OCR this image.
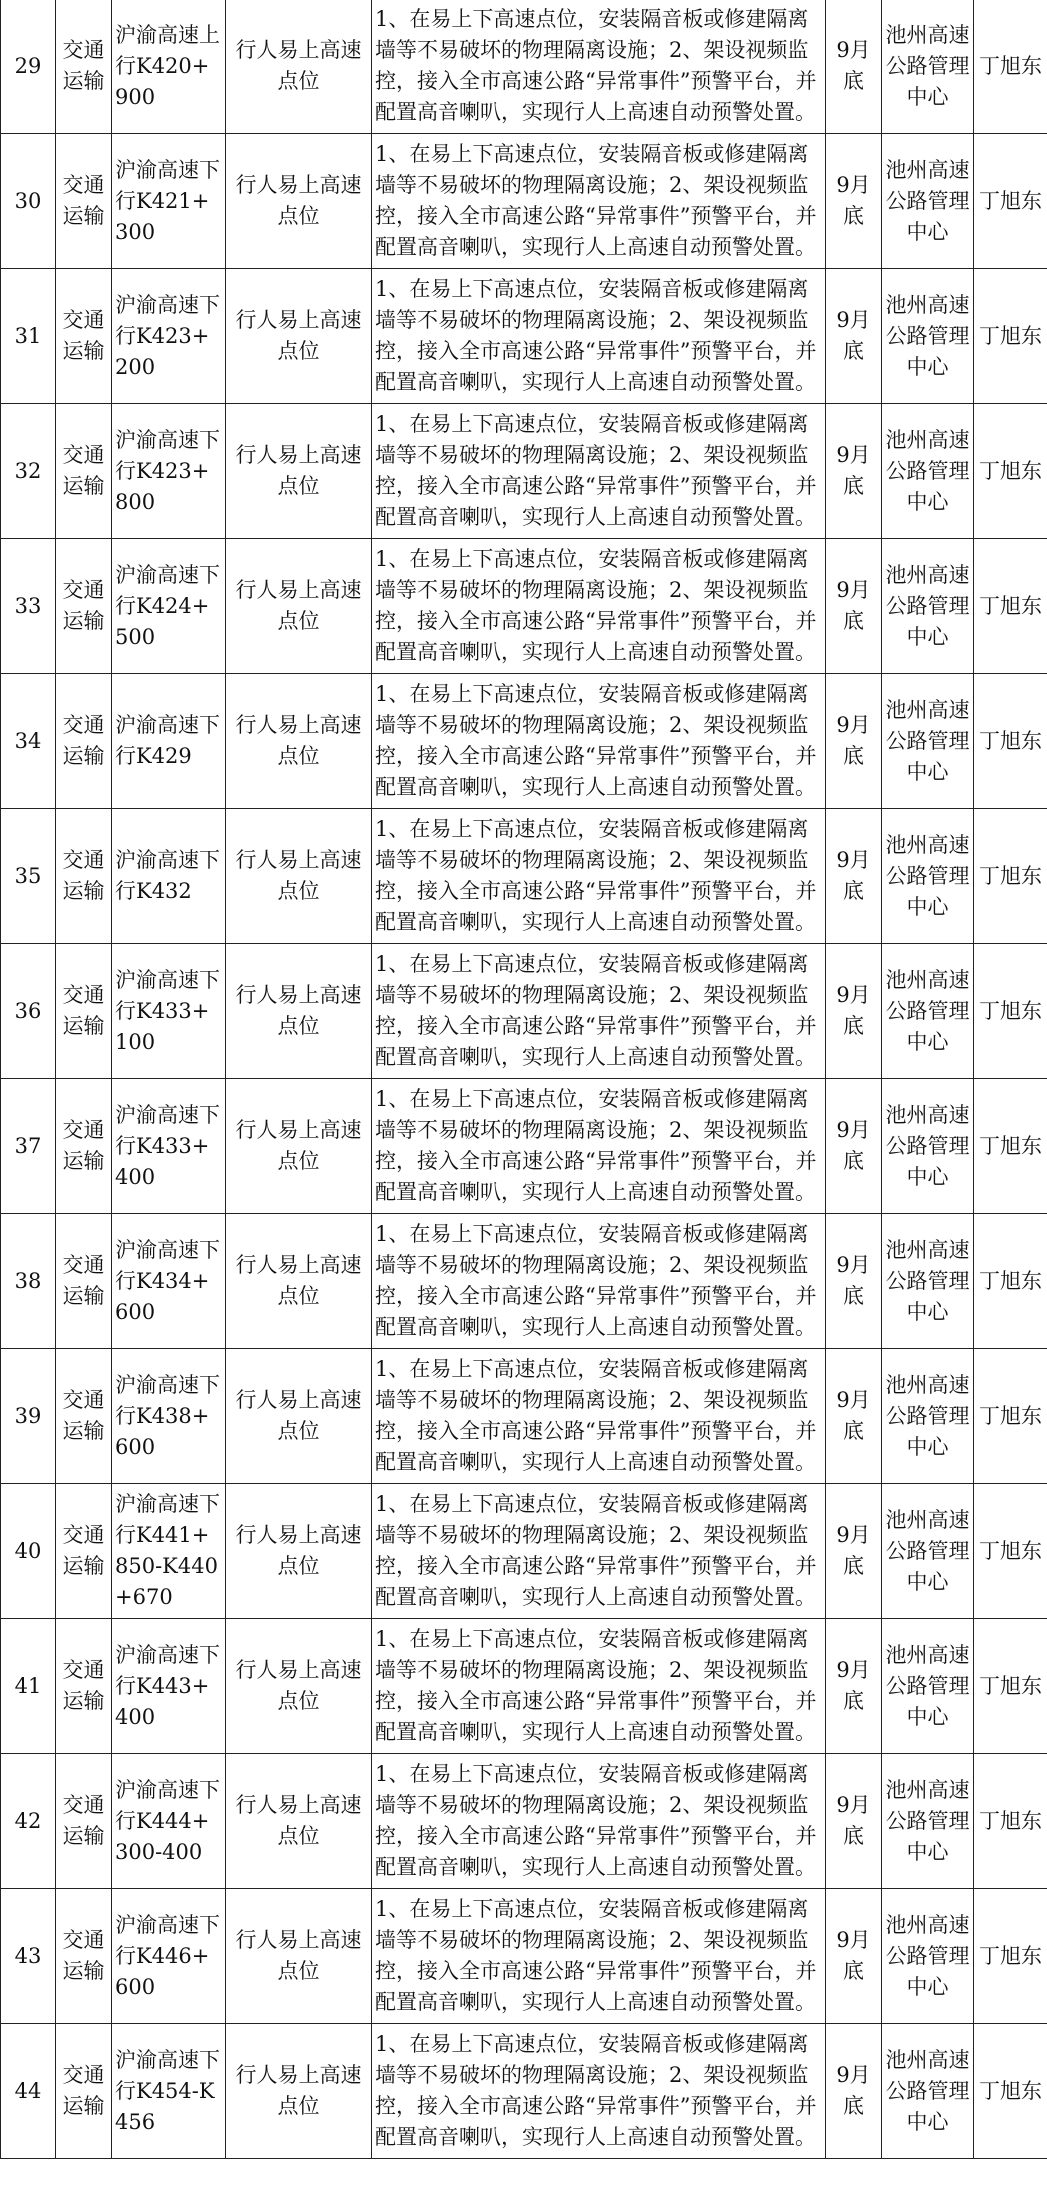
29	交通运输	沪渝高速上行K420+900	行人易上高速点位	1、在易上下高速点位，安装隔音板或修建隔离墙等不易破坏的物理隔离设施；2、架设视频监控，接入全市高速公路“异常事件”预警平台，并配置高音喇叭，实现行人上高速自动预警处置。	9月底	池州高速公路管理中心	丁旭东
30	交通运输	沪渝高速下行K421+300	行人易上高速点位	1、在易上下高速点位，安装隔音板或修建隔离墙等不易破坏的物理隔离设施；2、架设视频监控，接入全市高速公路“异常事件”预警平台，并配置高音喇叭，实现行人上高速自动预警处置。	9月底	池州高速公路管理中心	丁旭东
31	交通运输	沪渝高速下行K423+200	行人易上高速点位	1、在易上下高速点位，安装隔音板或修建隔离墙等不易破坏的物理隔离设施；2、架设视频监控，接入全市高速公路“异常事件”预警平台，并配置高音喇叭，实现行人上高速自动预警处置。	9月底	池州高速公路管理中心	丁旭东
32	交通运输	沪渝高速下行K423+800	行人易上高速点位	1、在易上下高速点位，安装隔音板或修建隔离墙等不易破坏的物理隔离设施；2、架设视频监控，接入全市高速公路“异常事件”预警平台，并配置高音喇叭，实现行人上高速自动预警处置。	9月底	池州高速公路管理中心	丁旭东
33	交通运输	沪渝高速下行K424+500	行人易上高速点位	1、在易上下高速点位，安装隔音板或修建隔离墙等不易破坏的物理隔离设施；2、架设视频监控，接入全市高速公路“异常事件”预警平台，并配置高音喇叭，实现行人上高速自动预警处置。	9月底	池州高速公路管理中心	丁旭东
34	交通运输	沪渝高速下行K429	行人易上高速点位	1、在易上下高速点位，安装隔音板或修建隔离墙等不易破坏的物理隔离设施；2、架设视频监控，接入全市高速公路“异常事件”预警平台，并配置高音喇叭，实现行人上高速自动预警处置。	9月底	池州高速公路管理中心	丁旭东
35	交通运输	沪渝高速下行K432	行人易上高速点位	1、在易上下高速点位，安装隔音板或修建隔离墙等不易破坏的物理隔离设施；2、架设视频监控，接入全市高速公路“异常事件”预警平台，并配置高音喇叭，实现行人上高速自动预警处置。	9月底	池州高速公路管理中心	丁旭东
36	交通运输	沪渝高速下行K433+100	行人易上高速点位	1、在易上下高速点位，安装隔音板或修建隔离墙等不易破坏的物理隔离设施；2、架设视频监控，接入全市高速公路“异常事件”预警平台，并配置高音喇叭，实现行人上高速自动预警处置。	9月底	池州高速公路管理中心	丁旭东
37	交通运输	沪渝高速下行K433+400	行人易上高速点位	1、在易上下高速点位，安装隔音板或修建隔离墙等不易破坏的物理隔离设施；2、架设视频监控，接入全市高速公路“异常事件”预警平台，并配置高音喇叭，实现行人上高速自动预警处置。	9月底	池州高速公路管理中心	丁旭东
38	交通运输	沪渝高速下行K434+600	行人易上高速点位	1、在易上下高速点位，安装隔音板或修建隔离墙等不易破坏的物理隔离设施；2、架设视频监控，接入全市高速公路“异常事件”预警平台，并配置高音喇叭，实现行人上高速自动预警处置。	9月底	池州高速公路管理中心	丁旭东
39	交通运输	沪渝高速下行K438+600	行人易上高速点位	1、在易上下高速点位，安装隔音板或修建隔离墙等不易破坏的物理隔离设施；2、架设视频监控，接入全市高速公路“异常事件”预警平台，并配置高音喇叭，实现行人上高速自动预警处置。	9月底	池州高速公路管理中心	丁旭东
40	交通运输	沪渝高速下行K441+850-K440+670	行人易上高速点位	1、在易上下高速点位，安装隔音板或修建隔离墙等不易破坏的物理隔离设施；2、架设视频监控，接入全市高速公路“异常事件”预警平台，并配置高音喇叭，实现行人上高速自动预警处置。	9月底	池州高速公路管理中心	丁旭东
41	交通运输	沪渝高速下行K443+400	行人易上高速点位	1、在易上下高速点位，安装隔音板或修建隔离墙等不易破坏的物理隔离设施；2、架设视频监控，接入全市高速公路“异常事件”预警平台，并配置高音喇叭，实现行人上高速自动预警处置。	9月底	池州高速公路管理中心	丁旭东
42	交通运输	沪渝高速下行K444+300-400	行人易上高速点位	1、在易上下高速点位，安装隔音板或修建隔离墙等不易破坏的物理隔离设施；2、架设视频监控，接入全市高速公路“异常事件”预警平台，并配置高音喇叭，实现行人上高速自动预警处置。	9月底	池州高速公路管理中心	丁旭东
43	交通运输	沪渝高速下行K446+600	行人易上高速点位	1、在易上下高速点位，安装隔音板或修建隔离墙等不易破坏的物理隔离设施；2、架设视频监控，接入全市高速公路“异常事件”预警平台，并配置高音喇叭，实现行人上高速自动预警处置。	9月底	池州高速公路管理中心	丁旭东
44	交通运输	沪渝高速下行K454-K456	行人易上高速点位	1、在易上下高速点位，安装隔音板或修建隔离墙等不易破坏的物理隔离设施；2、架设视频监控，接入全市高速公路“异常事件”预警平台，并配置高音喇叭，实现行人上高速自动预警处置。	9月底	池州高速公路管理中心	丁旭东
